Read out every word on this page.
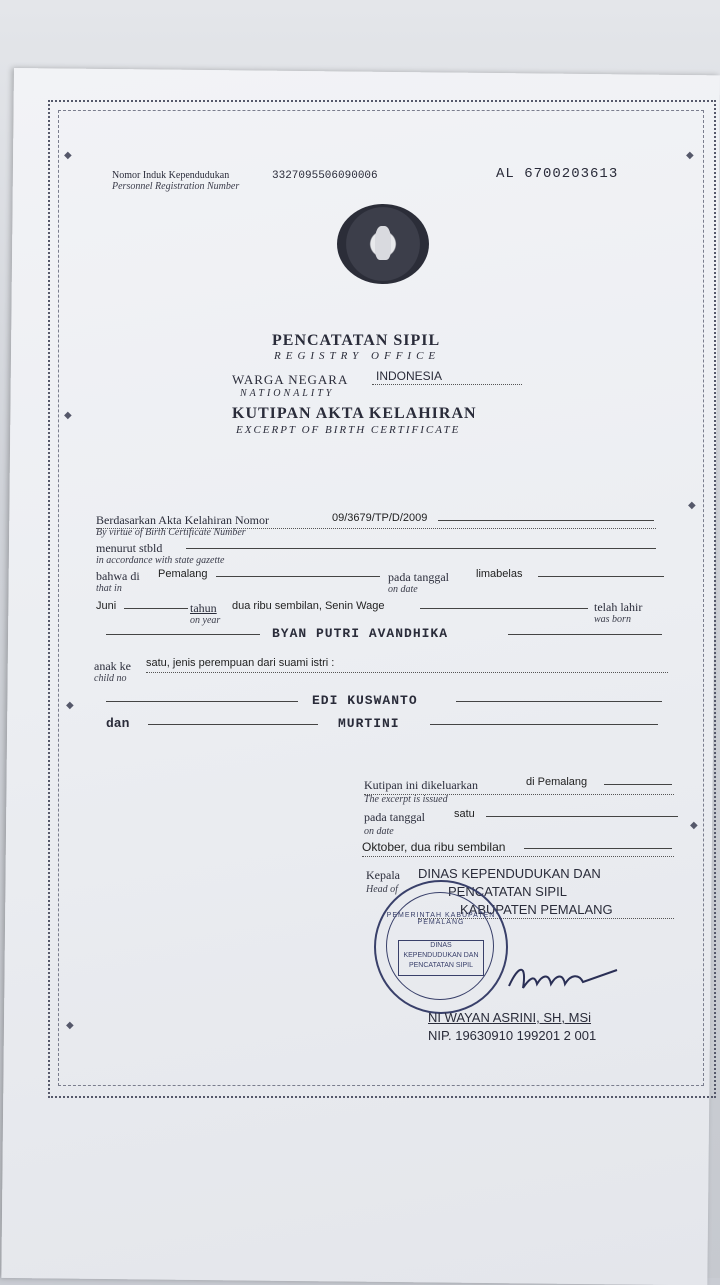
◆
◆
◆
◆
◆
◆
◆
Nomor Induk Kependudukan
Personnel Registration Number
3327095506090006	AL 6700203613
PENCATATAN SIPIL
REGISTRY OFFICE
WARGA NEGARA
NATIONALITY
INDONESIA
KUTIPAN AKTA KELAHIRAN
EXCERPT OF BIRTH CERTIFICATE
Berdasarkan Akta Kelahiran Nomor
By virtue of Birth Certificate Number
09/3679/TP/D/2009
menurut stbld
in accordance with state gazette
bahwa di
that in
Pemalang	pada tanggal
on date
limabelas
Juni	tahun
on year
dua ribu sembilan, Senin Wage	telah lahir
was born
BYAN PUTRI AVANDHIKA
anak ke
child no
satu, jenis perempuan dari suami istri :
EDI KUSWANTO
dan	MURTINI
Kutipan ini dikeluarkan
The excerpt is issued
di Pemalang
pada tanggal
on date
satu
Oktober, dua ribu sembilan
Kepala
Head of
DINAS KEPENDUDUKAN DAN
PENCATATAN SIPIL
KABUPATEN PEMALANG
PEMERINTAH KABUPATEN PEMALANG
DINAS
KEPENDUDUKAN DAN
PENCATATAN SIPIL
NI WAYAN ASRINI, SH, MSi
NIP. 19630910 199201 2 001
